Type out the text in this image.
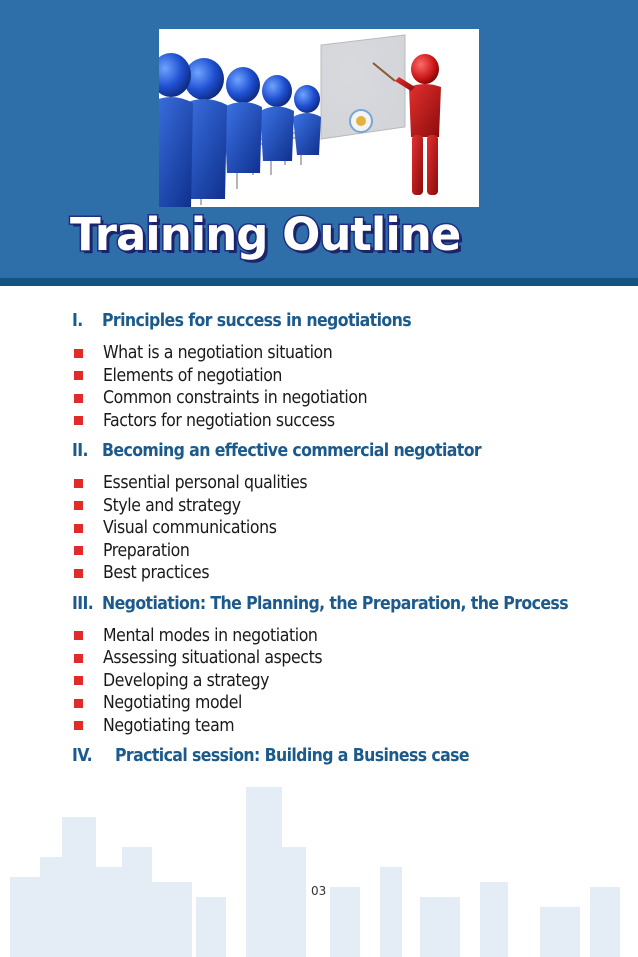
MEDI
Training Outline
I.	Principles for success in negotiations
What is a negotiation situation
Elements of negotiation
Common constraints in negotiation
Factors for negotiation success
II. Becoming an effective commercial negotiator
Essential personal qualities
Style and strategy
Visual communications
Preparation
Best practices
III. Negotiation: The Planning, the Preparation, the Process
Mental modes in negotiation
Assessing situational aspects
Developing a strategy
Negotiating model
Negotiating team
IV.	Practical session: Building a Business case
03
